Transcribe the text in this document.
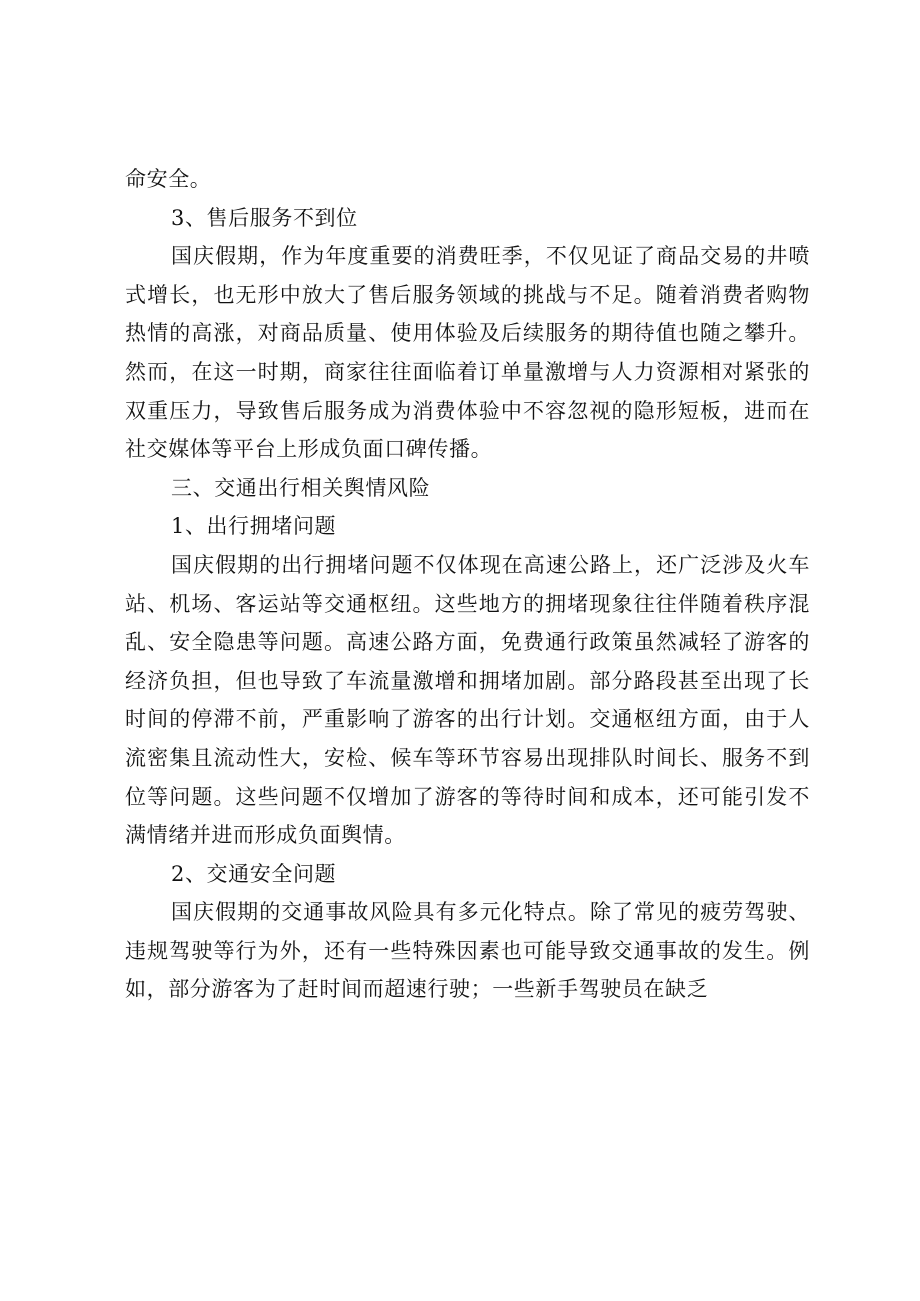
命安全。

3、售后服务不到位

国庆假期，作为年度重要的消费旺季，不仅见证了商品交易的井喷式增长，也无形中放大了售后服务领域的挑战与不足。随着消费者购物热情的高涨，对商品质量、使用体验及后续服务的期待值也随之攀升。然而，在这一时期，商家往往面临着订单量激增与人力资源相对紧张的双重压力，导致售后服务成为消费体验中不容忽视的隐形短板，进而在社交媒体等平台上形成负面口碑传播。

三、交通出行相关舆情风险

1、出行拥堵问题

国庆假期的出行拥堵问题不仅体现在高速公路上，还广泛涉及火车站、机场、客运站等交通枢纽。这些地方的拥堵现象往往伴随着秩序混乱、安全隐患等问题。高速公路方面，免费通行政策虽然减轻了游客的经济负担，但也导致了车流量激增和拥堵加剧。部分路段甚至出现了长时间的停滞不前，严重影响了游客的出行计划。交通枢纽方面，由于人流密集且流动性大，安检、候车等环节容易出现排队时间长、服务不到位等问题。这些问题不仅增加了游客的等待时间和成本，还可能引发不满情绪并进而形成负面舆情。

2、交通安全问题

国庆假期的交通事故风险具有多元化特点。除了常见的疲劳驾驶、违规驾驶等行为外，还有一些特殊因素也可能导致交通事故的发生。例如，部分游客为了赶时间而超速行驶；一些新手驾驶员在缺乏
